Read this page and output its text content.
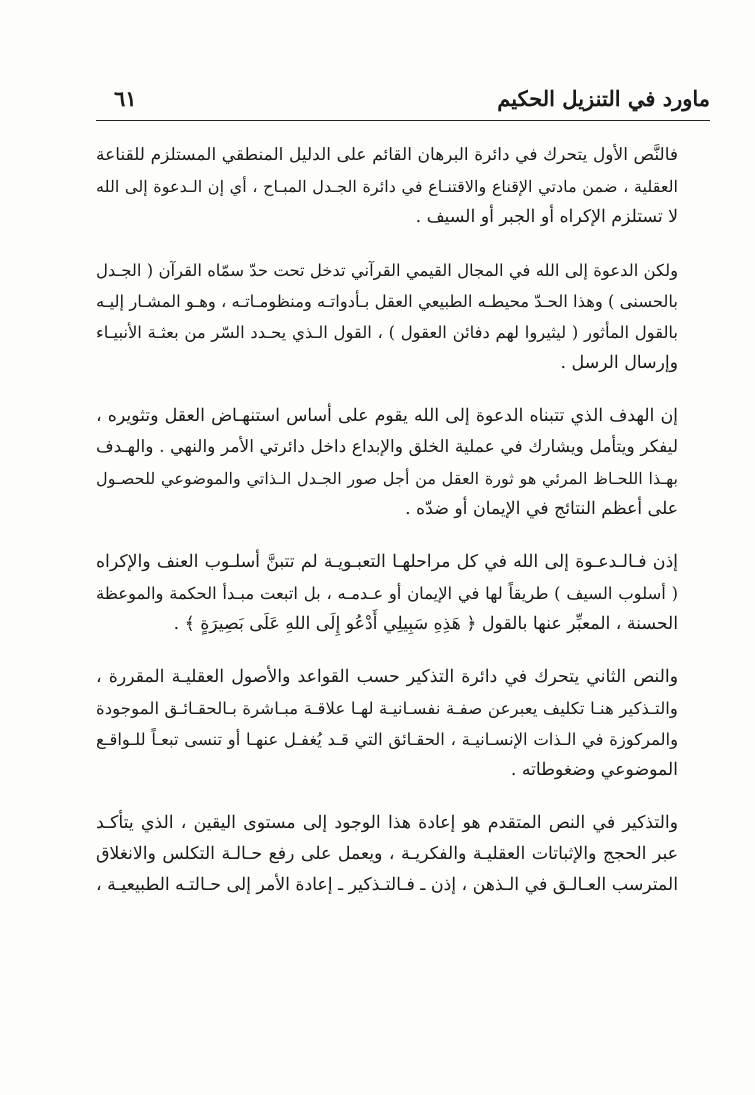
ماورد في التنزيل الحكيم
٦١

فالنَّص الأول يتحرك في دائرة البرهان القائم على الدليل المنطقي المستلزم للقناعة
العقلية ، ضمن مادتي الإقناع والاقتنـاع في دائرة الجـدل المبـاح ، أي إن الـدعوة إلى الله
لا تستلزم الإكراه أو الجبر أو السيف .

ولكن الدعوة إلى الله في المجال القيمي القرآني تدخل تحت حدّ سمّاه القرآن ( الجـدل
بالحسنى ) وهذا الحـدّ محيطـه الطبيعي العقل بـأدواتـه ومنظومـاتـه ، وهـو المشـار إليـه
بالقول المأثور ( ليثيروا لهم دفائن العقول ) ، القول الـذي يحـدد السّر من بعثـة الأنبيـاء
وإرسال الرسل .

إن الهدف الذي تتبناه الدعوة إلى الله يقوم على أساس استنهـاض العقل وتثويره ،
ليفكر ويتأمل ويشارك في عملية الخلق والإبداع داخل دائرتي الأمر والنهي . والهـدف
بهـذا اللحـاظ المرئي هو ثورة العقل من أجل صور الجـدل الـذاتي والموضوعي للحصـول
على أعظم النتائج في الإيمان أو ضدّه .

إذن فـالـدعـوة إلى الله في كل مراحلهـا التعبـويـة لم تتبنَّ أسلـوب العنف والإكراه
( أسلوب السيف ) طريقاً لها في الإيمان أو عـدمـه ، بل اتبعت مبـدأ الحكمة والموعظة
الحسنة ، المعبِّر عنها بالقول ﴿ هَذِهِ سَبِيلِي أَدْعُو إِلَى اللهِ عَلَى بَصِيرَةٍ ﴾ .

والنص الثاني يتحرك في دائرة التذكير حسب القواعد والأصول العقليـة المقررة ،
والتـذكير هنـا تكليف يعبرعن صفـة نفسـانيـة لهـا علاقـة مبـاشرة بـالحقـائـق الموجودة
والمركوزة في الـذات الإنسـانيـة ، الحقـائق التي قـد يُغفـل عنهـا أو تنسى تبعـاً للـواقـع
الموضوعي وضغوطاته .

والتذكير في النص المتقدم هو إعادة هذا الوجود إلى مستوى اليقين ، الذي يتأكـد
عبر الحجج والإثباتات العقليـة والفكريـة ، ويعمل على رفع حـالـة التكلس والانغلاق
المترسب العـالـق في الـذهن ، إذن ـ فـالتـذكير ـ إعادة الأمر إلى حـالتـه الطبيعيـة ،
